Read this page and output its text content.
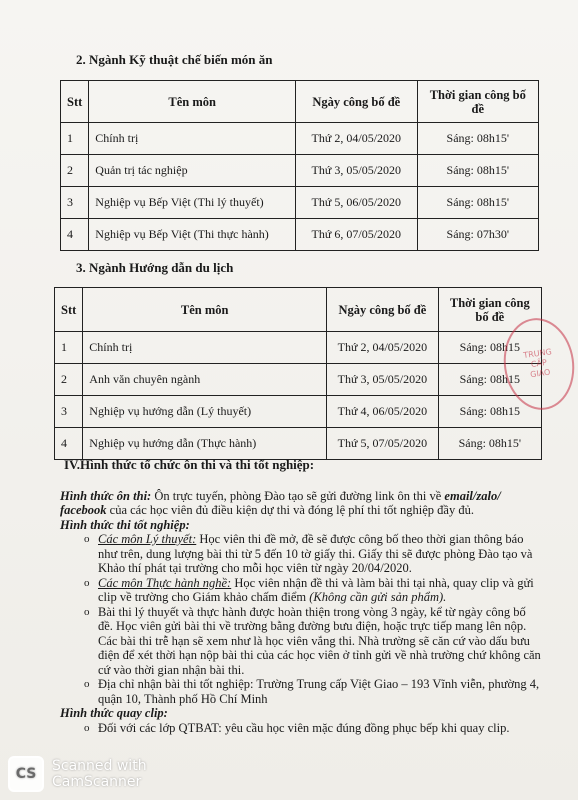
2. Ngành Kỹ thuật chế biến món ăn
Stt	Tên môn	Ngày công bố đề	Thời gian công bố đề
1	Chính trị	Thứ 2, 04/05/2020	Sáng: 08h15'
2	Quản trị tác nghiệp	Thứ 3, 05/05/2020	Sáng: 08h15'
3	Nghiệp vụ Bếp Việt (Thi lý thuyết)	Thứ 5, 06/05/2020	Sáng: 08h15'
4	Nghiệp vụ Bếp Việt (Thi thực hành)	Thứ 6, 07/05/2020	Sáng: 07h30'
3. Ngành Hướng dẫn du lịch
Stt	Tên môn	Ngày công bố đề	Thời gian công bố đề
1	Chính trị	Thứ 2, 04/05/2020	Sáng: 08h15
2	Anh văn chuyên ngành	Thứ 3, 05/05/2020	Sáng: 08h15
3	Nghiệp vụ hướng dẫn (Lý thuyết)	Thứ 4, 06/05/2020	Sáng: 08h15
4	Nghiệp vụ hướng dẫn (Thực hành)	Thứ 5, 07/05/2020	Sáng: 08h15'
TRUNG
CẤP
GIAO

IV.Hình thức tổ chức ôn thi và thi tốt nghiệp:

Hình thức ôn thi: Ôn trực tuyến, phòng Đào tạo sẽ gửi đường link ôn thi về email/zalo/ facebook của các học viên đủ điều kiện dự thi và đóng lệ phí thi tốt nghiệp đầy đủ.

Hình thức thi tốt nghiệp:

o Các môn Lý thuyết: Học viên thi đề mở, đề sẽ được công bố theo thời gian thông báo như trên, dung lượng bài thi từ 5 đến 10 tờ giấy thi. Giấy thi sẽ được phòng Đào tạo và Khảo thí phát tại trường cho mỗi học viên từ ngày 20/04/2020.
o Các môn Thực hành nghề: Học viên nhận đề thi và làm bài thi tại nhà, quay clip và gửi clip về trường cho Giám khảo chấm điểm (Không cần gửi sản phẩm).
o Bài thi lý thuyết và thực hành được hoàn thiện trong vòng 3 ngày, kể từ ngày công bố đề. Học viên gửi bài thi về trường bằng đường bưu điện, hoặc trực tiếp mang lên nộp. Các bài thi trễ hạn sẽ xem như là học viên vắng thi. Nhà trường sẽ căn cứ vào dấu bưu điện để xét thời hạn nộp bài thi của các học viên ở tỉnh gửi về nhà trường chứ không căn cứ vào thời gian nhận bài thi.
o Địa chỉ nhận bài thi tốt nghiệp: Trường Trung cấp Việt Giao – 193 Vĩnh viễn, phường 4, quận 10, Thành phố Hồ Chí Minh

Hình thức quay clip:

o Đối với các lớp QTBAT: yêu cầu học viên mặc đúng đồng phục bếp khi quay clip.
CS	Scanned with
CamScanner
